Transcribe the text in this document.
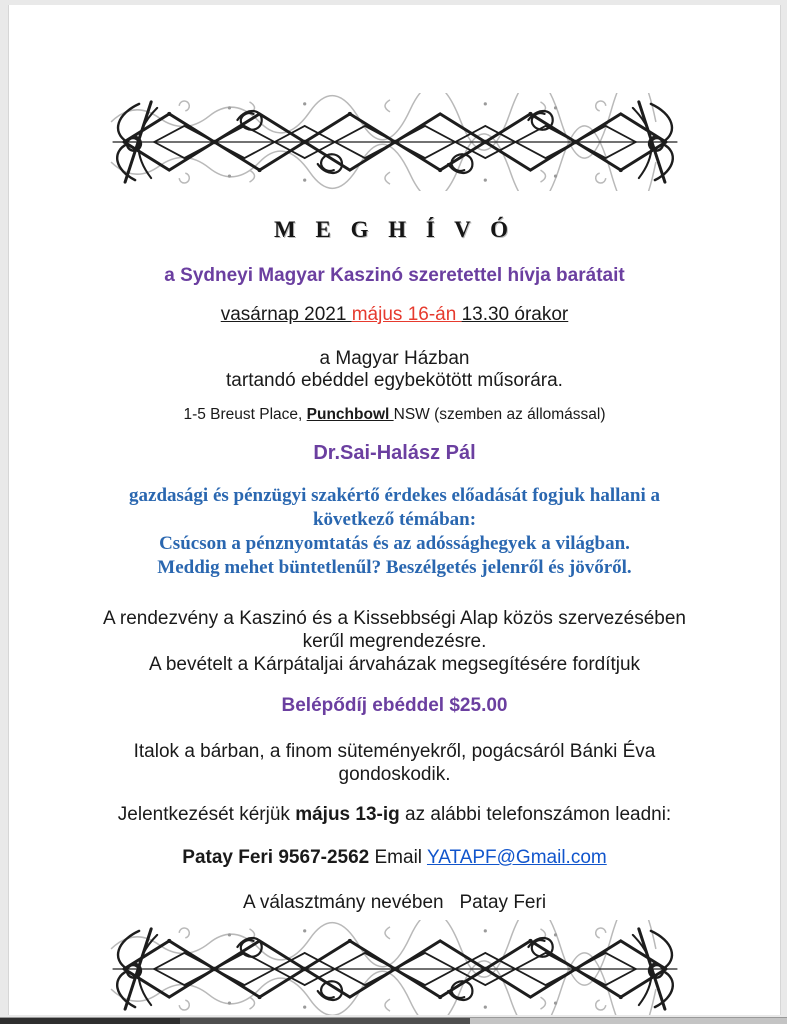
M E G H Í V Ó
a Sydneyi Magyar Kaszinó szeretettel hívja barátait
vasárnap 2021 május 16-án 13.30 órakor
a Magyar Házban
tartandó ebéddel egybekötött műsorára.
1-5 Breust Place, Punchbowl NSW (szemben az állomással)
Dr.Sai-Halász Pál
gazdasági és pénzügyi szakértő érdekes előadását fogjuk hallani a
következő témában:
Csúcson a pénznyomtatás és az adóssághegyek a világban.
Meddig mehet büntetlenűl? Beszélgetés jelenről és jövőről.
A rendezvény a Kaszinó és a Kissebbségi Alap közös szervezésében
kerűl megrendezésre.
A bevételt a Kárpátaljai árvaházak megsegítésére fordítjuk
Belépődíj ebéddel $25.00
Italok a bárban, a finom süteményekről, pogácsáról Bánki Éva
gondoskodik.
Jelentkezését kérjük május 13-ig az alábbi telefonszámon leadni:
Patay Feri 9567-2562 Email YATAPF@Gmail.com
A választmány nevében   Patay Feri
